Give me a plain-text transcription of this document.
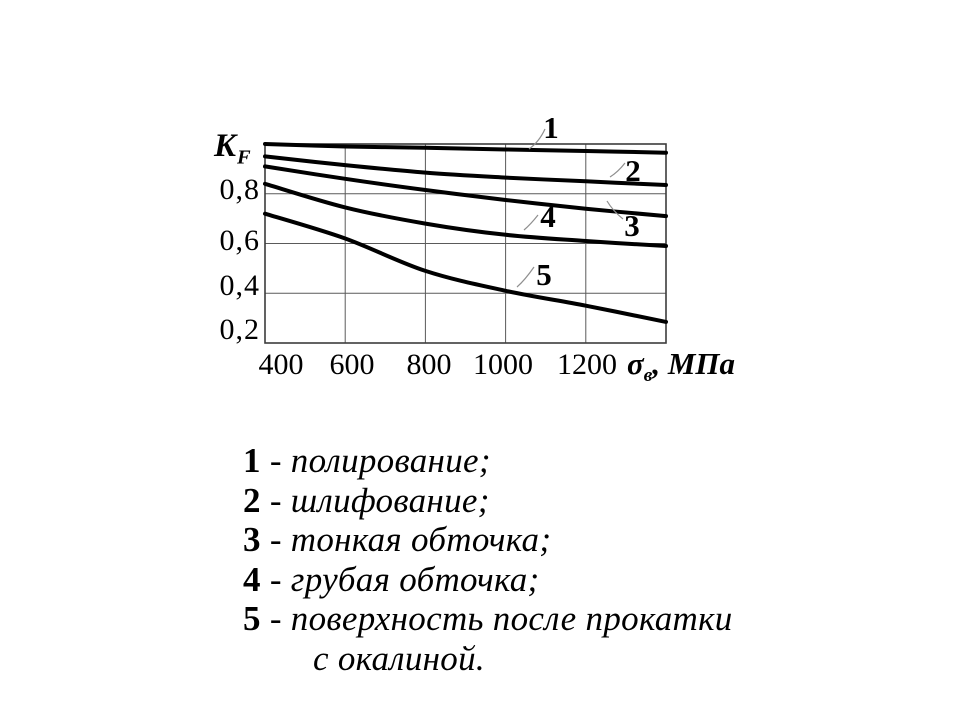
$K_F$
0,8
0,6
0,4
0,2
400 600	800 1000 1200 $\sigma_в$, МПа
1
2
3
4
5
1 - полирование;
2 - шлифование;
3 - тонкая обточка;
4 - грубая обточка;
5 - поверхность после прокатки
с окалиной.
